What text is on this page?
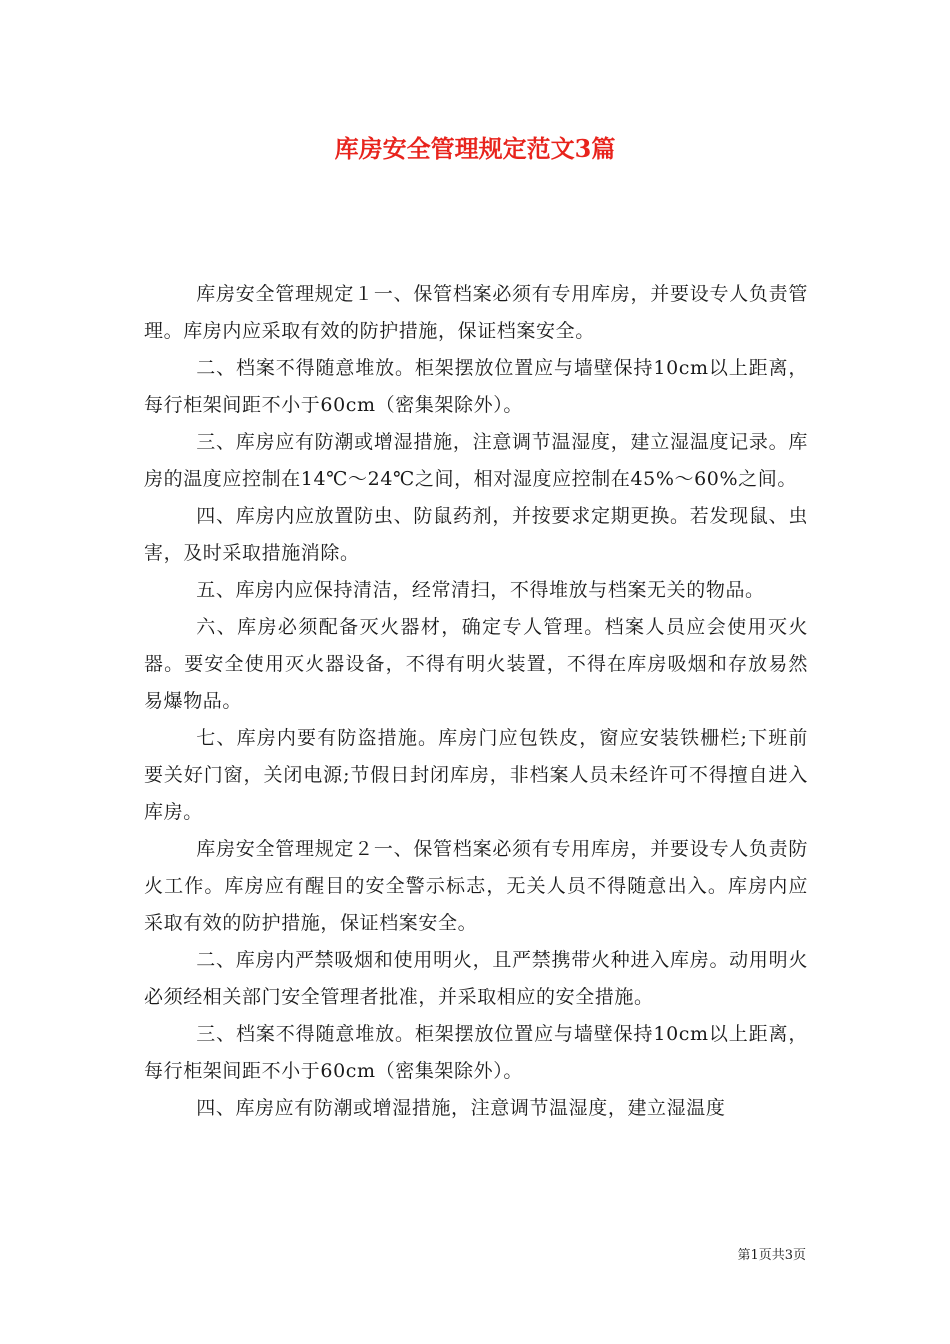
库房安全管理规定范文3篇

库房安全管理规定１一、保管档案必须有专用库房，并要设专人负责管理。库房内应采取有效的防护措施，保证档案安全。

二、档案不得随意堆放。柜架摆放位置应与墙壁保持10cm以上距离，每行柜架间距不小于60cm（密集架除外）。

三、库房应有防潮或增湿措施，注意调节温湿度，建立湿温度记录。库房的温度应控制在14℃～24℃之间，相对湿度应控制在45%～60%之间。

四、库房内应放置防虫、防鼠药剂，并按要求定期更换。若发现鼠、虫害，及时采取措施消除。

五、库房内应保持清洁，经常清扫，不得堆放与档案无关的物品。

六、库房必须配备灭火器材，确定专人管理。档案人员应会使用灭火器。要安全使用灭火器设备，不得有明火装置，不得在库房吸烟和存放易然易爆物品。

七、库房内要有防盗措施。库房门应包铁皮，窗应安装铁栅栏;下班前要关好门窗，关闭电源;节假日封闭库房，非档案人员未经许可不得擅自进入库房。

库房安全管理规定２一、保管档案必须有专用库房，并要设专人负责防火工作。库房应有醒目的安全警示标志，无关人员不得随意出入。库房内应采取有效的防护措施，保证档案安全。

二、库房内严禁吸烟和使用明火，且严禁携带火种进入库房。动用明火必须经相关部门安全管理者批准，并采取相应的安全措施。

三、档案不得随意堆放。柜架摆放位置应与墙壁保持10cm以上距离，每行柜架间距不小于60cm（密集架除外）。

四、库房应有防潮或增湿措施，注意调节温湿度，建立湿温度

第1页共3页
